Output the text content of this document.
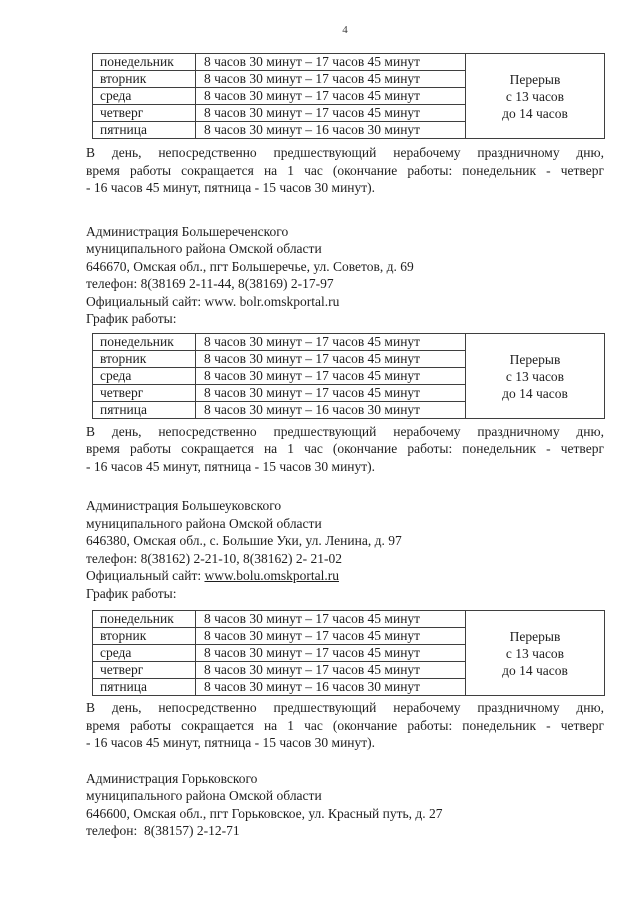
4
понедельник	8 часов 30 минут – 17 часов 45 минут	Перерыв
с 13 часов
до 14 часов

вторник	8 часов 30 минут – 17 часов 45 минут	
среда	8 часов 30 минут – 17 часов 45 минут	
четверг	8 часов 30 минут – 17 часов 45 минут	
пятница	8 часов 30 минут – 16 часов 30 минут	
В день, непосредственно предшествующий нерабочему праздничному дню,
время работы сокращается на 1 час (окончание работы: понедельник - четверг
- 16 часов 45 минут, пятница - 15 часов 30 минут).
Администрация Большереченского
муниципального района Омской области
646670, Омская обл., пгт Большеречье, ул. Советов, д. 69
телефон: 8(38169 2-11-44, 8(38169) 2-17-97
Официальный сайт: www. bolr.omskportal.ru
График работы:
понедельник	8 часов 30 минут – 17 часов 45 минут	Перерыв
с 13 часов
до 14 часов

вторник	8 часов 30 минут – 17 часов 45 минут	
среда	8 часов 30 минут – 17 часов 45 минут	
четверг	8 часов 30 минут – 17 часов 45 минут	
пятница	8 часов 30 минут – 16 часов 30 минут	
В день, непосредственно предшествующий нерабочему праздничному дню,
время работы сокращается на 1 час (окончание работы: понедельник - четверг
- 16 часов 45 минут, пятница - 15 часов 30 минут).
Администрация Большеуковского
муниципального района Омской области
646380, Омская обл., с. Большие Уки, ул. Ленина, д. 97
телефон: 8(38162) 2-21-10, 8(38162) 2- 21-02
Официальный сайт: www.bolu.omskportal.ru
График работы:
понедельник	8 часов 30 минут – 17 часов 45 минут	Перерыв
с 13 часов
до 14 часов

вторник	8 часов 30 минут – 17 часов 45 минут	
среда	8 часов 30 минут – 17 часов 45 минут	
четверг	8 часов 30 минут – 17 часов 45 минут	
пятница	8 часов 30 минут – 16 часов 30 минут	
В день, непосредственно предшествующий нерабочему праздничному дню,
время работы сокращается на 1 час (окончание работы: понедельник - четверг
- 16 часов 45 минут, пятница - 15 часов 30 минут).
Администрация Горьковского
муниципального района Омской области
646600, Омская обл., пгт Горьковское, ул. Красный путь, д. 27
телефон:  8(38157) 2-12-71
